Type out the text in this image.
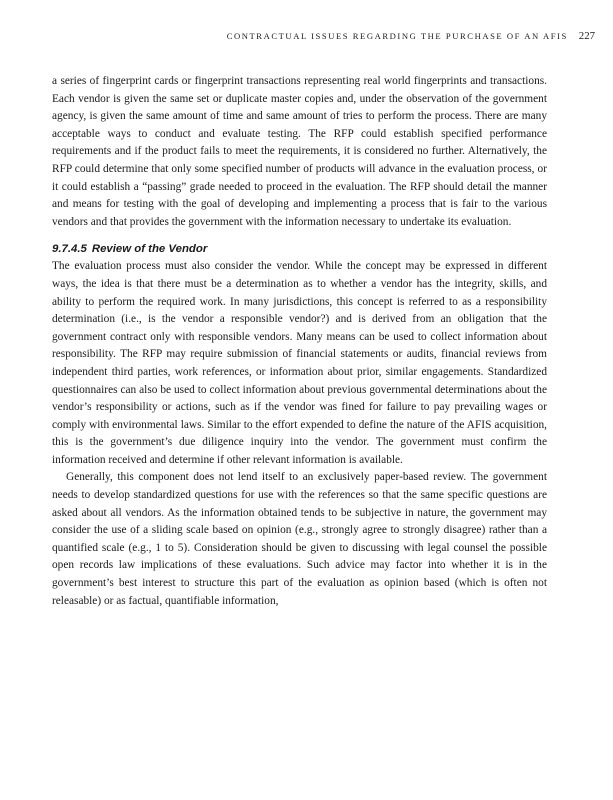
CONTRACTUAL ISSUES REGARDING THE PURCHASE OF AN AFIS 227

a series of fingerprint cards or fingerprint transactions representing real world fingerprints and transactions. Each vendor is given the same set or duplicate master copies and, under the observation of the government agency, is given the same amount of time and same amount of tries to perform the process. There are many acceptable ways to conduct and evaluate testing. The RFP could establish specified performance requirements and if the product fails to meet the requirements, it is considered no further. Alternatively, the RFP could determine that only some specified number of products will advance in the evaluation process, or it could establish a “passing” grade needed to proceed in the evaluation. The RFP should detail the manner and means for testing with the goal of developing and implementing a process that is fair to the various vendors and that provides the government with the information necessary to undertake its evaluation.

9.7.4.5 Review of the Vendor

The evaluation process must also consider the vendor. While the concept may be expressed in different ways, the idea is that there must be a determination as to whether a vendor has the integrity, skills, and ability to perform the required work. In many jurisdictions, this concept is referred to as a responsibility determination (i.e., is the vendor a responsible vendor?) and is derived from an obligation that the government contract only with responsible vendors. Many means can be used to collect information about responsibility. The RFP may require submission of financial statements or audits, financial reviews from independent third parties, work references, or information about prior, similar engagements. Standardized questionnaires can also be used to collect information about previous governmental determinations about the vendor’s responsibility or actions, such as if the vendor was fined for failure to pay prevailing wages or comply with environmental laws. Similar to the effort expended to define the nature of the AFIS acquisition, this is the government’s due diligence inquiry into the vendor. The government must confirm the information received and determine if other relevant information is available.

Generally, this component does not lend itself to an exclusively paper-based review. The government needs to develop standardized questions for use with the references so that the same specific questions are asked about all vendors. As the information obtained tends to be subjective in nature, the government may consider the use of a sliding scale based on opinion (e.g., strongly agree to strongly disagree) rather than a quantified scale (e.g., 1 to 5). Consideration should be given to discussing with legal counsel the possible open records law implications of these evaluations. Such advice may factor into whether it is in the government’s best interest to structure this part of the evaluation as opinion based (which is often not releasable) or as factual, quantifiable information,
